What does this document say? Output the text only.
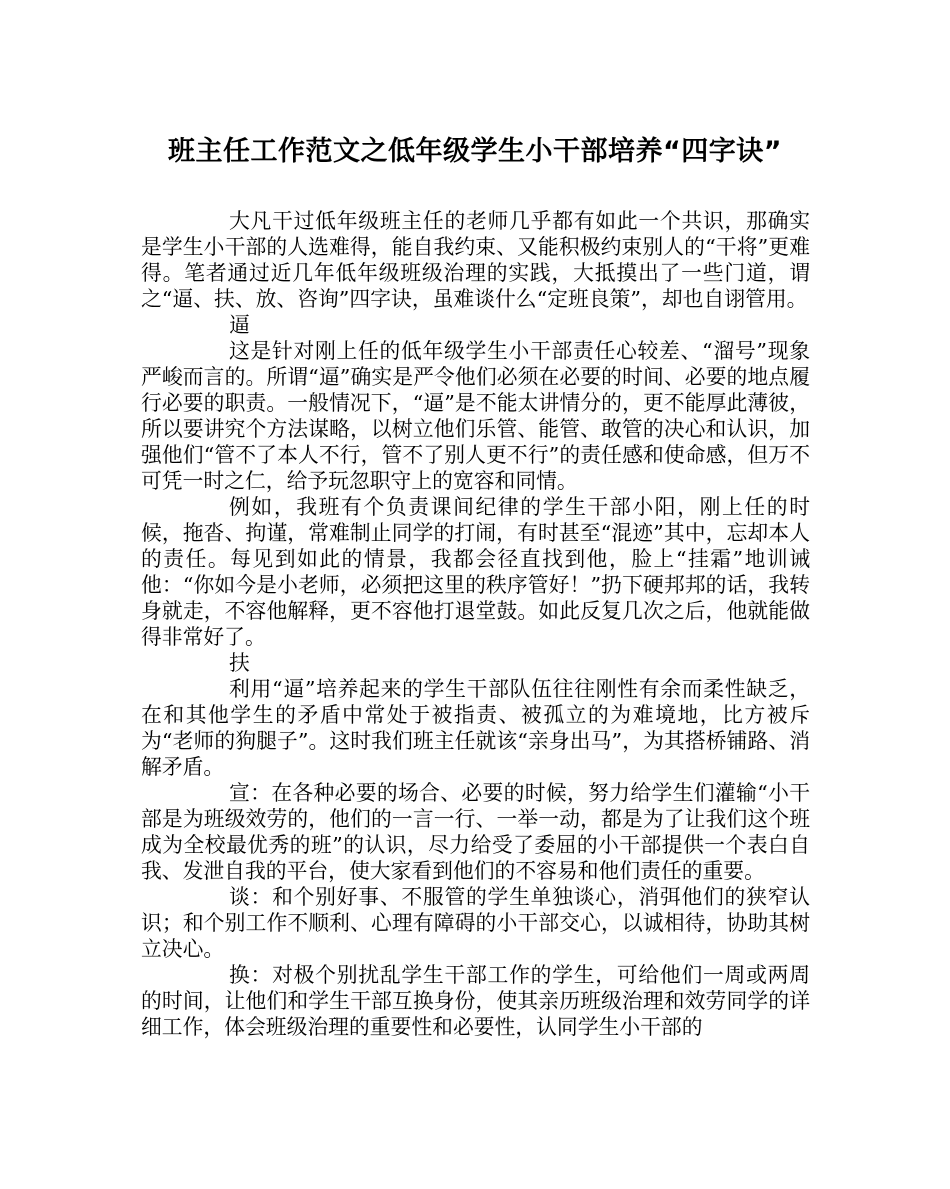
班主任工作范文之低年级学生小干部培养“四字诀”

大凡干过低年级班主任的老师几乎都有如此一个共识，那确实是学生小干部的人选难得，能自我约束、又能积极约束别人的“干将”更难得。笔者通过近几年低年级班级治理的实践，大抵摸出了一些门道，谓之“逼、扶、放、咨询”四字诀，虽难谈什么“定班良策”，却也自诩管用。

逼

这是针对刚上任的低年级学生小干部责任心较差、“溜号”现象严峻而言的。所谓“逼”确实是严令他们必须在必要的时间、必要的地点履行必要的职责。一般情况下，“逼”是不能太讲情分的，更不能厚此薄彼，所以要讲究个方法谋略，以树立他们乐管、能管、敢管的决心和认识，加强他们“管不了本人不行，管不了别人更不行”的责任感和使命感，但万不可凭一时之仁，给予玩忽职守上的宽容和同情。

例如，我班有个负责课间纪律的学生干部小阳，刚上任的时候，拖沓、拘谨，常难制止同学的打闹，有时甚至“混迹”其中，忘却本人的责任。每见到如此的情景，我都会径直找到他，脸上“挂霜”地训诫他：“你如今是小老师，必须把这里的秩序管好！”扔下硬邦邦的话，我转身就走，不容他解释，更不容他打退堂鼓。如此反复几次之后，他就能做得非常好了。

扶

利用“逼”培养起来的学生干部队伍往往刚性有余而柔性缺乏，在和其他学生的矛盾中常处于被指责、被孤立的为难境地，比方被斥为“老师的狗腿子”。这时我们班主任就该“亲身出马”，为其搭桥铺路、消解矛盾。

宣：在各种必要的场合、必要的时候，努力给学生们灌输“小干部是为班级效劳的，他们的一言一行、一举一动，都是为了让我们这个班成为全校最优秀的班”的认识，尽力给受了委屈的小干部提供一个表白自我、发泄自我的平台，使大家看到他们的不容易和他们责任的重要。

谈：和个别好事、不服管的学生单独谈心，消弭他们的狭窄认识；和个别工作不顺利、心理有障碍的小干部交心，以诚相待，协助其树立决心。

换：对极个别扰乱学生干部工作的学生，可给他们一周或两周的时间，让他们和学生干部互换身份，使其亲历班级治理和效劳同学的详细工作，体会班级治理的重要性和必要性，认同学生小干部的
